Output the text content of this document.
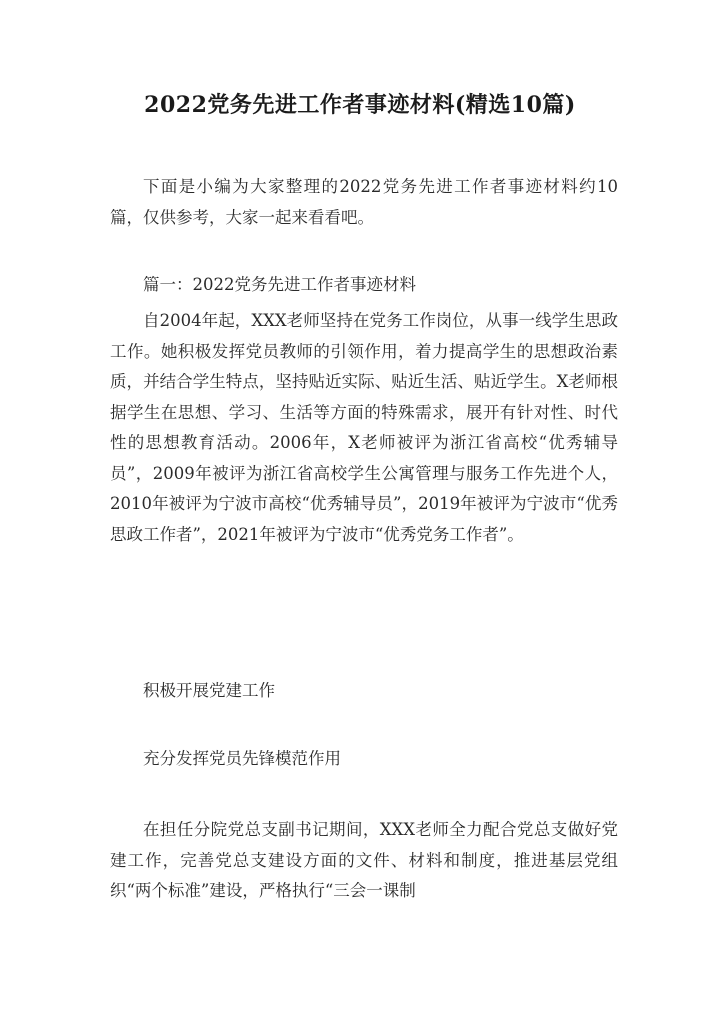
2022党务先进工作者事迹材料(精选10篇)
下面是小编为大家整理的2022党务先进工作者事迹材料约10篇，仅供参考，大家一起来看看吧。
篇一：2022党务先进工作者事迹材料
自2004年起，XXX老师坚持在党务工作岗位，从事一线学生思政工作。她积极发挥党员教师的引领作用，着力提高学生的思想政治素质，并结合学生特点，坚持贴近实际、贴近生活、贴近学生。X老师根据学生在思想、学习、生活等方面的特殊需求，展开有针对性、时代性的思想教育活动。2006年，X老师被评为浙江省高校“优秀辅导员”，2009年被评为浙江省高校学生公寓管理与服务工作先进个人，2010年被评为宁波市高校“优秀辅导员”，2019年被评为宁波市“优秀思政工作者”，2021年被评为宁波市“优秀党务工作者”。
积极开展党建工作
充分发挥党员先锋模范作用
在担任分院党总支副书记期间，XXX老师全力配合党总支做好党建工作，完善党总支建设方面的文件、材料和制度，推进基层党组织“两个标准”建设，严格执行“三会一课制
